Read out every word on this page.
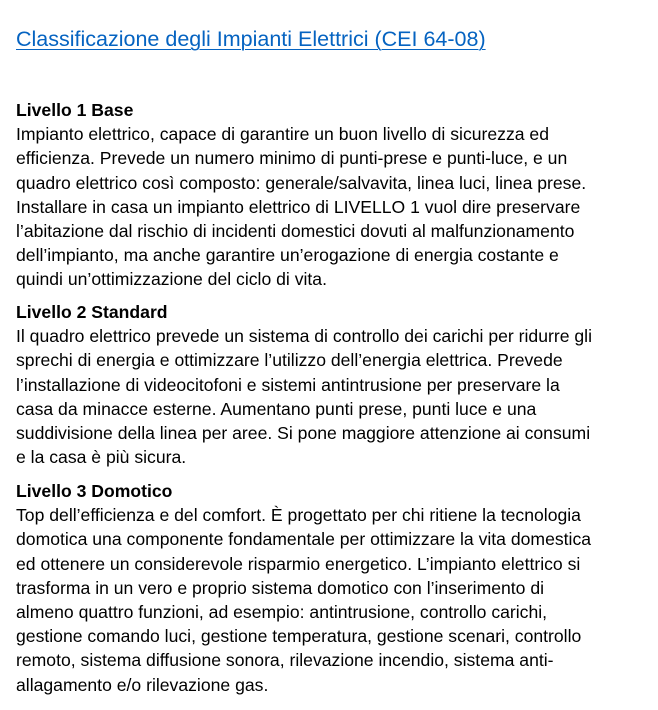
Classificazione degli Impianti Elettrici (CEI 64-08)
Livello 1 Base

Impianto elettrico, capace di garantire un buon livello di sicurezza ed
efficienza. Prevede un numero minimo di punti-prese e punti-luce, e un
quadro elettrico così composto: generale/salvavita, linea luci, linea prese.
Installare in casa un impianto elettrico di LIVELLO 1 vuol dire preservare
l’abitazione dal rischio di incidenti domestici dovuti al malfunzionamento
dell’impianto, ma anche garantire un’erogazione di energia costante e
quindi un’ottimizzazione del ciclo di vita.

Livello 2 Standard

Il quadro elettrico prevede un sistema di controllo dei carichi per ridurre gli
sprechi di energia e ottimizzare l’utilizzo dell’energia elettrica. Prevede
l’installazione di videocitofoni e sistemi antintrusione per preservare la
casa da minacce esterne. Aumentano punti prese, punti luce e una
suddivisione della linea per aree. Si pone maggiore attenzione ai consumi
e la casa è più sicura.

Livello 3 Domotico

Top dell’efficienza e del comfort. È progettato per chi ritiene la tecnologia
domotica una componente fondamentale per ottimizzare la vita domestica
ed ottenere un considerevole risparmio energetico. L’impianto elettrico si
trasforma in un vero e proprio sistema domotico con l’inserimento di
almeno quattro funzioni, ad esempio: antintrusione, controllo carichi,
gestione comando luci, gestione temperatura, gestione scenari, controllo
remoto, sistema diffusione sonora, rilevazione incendio, sistema anti-
allagamento e/o rilevazione gas.
